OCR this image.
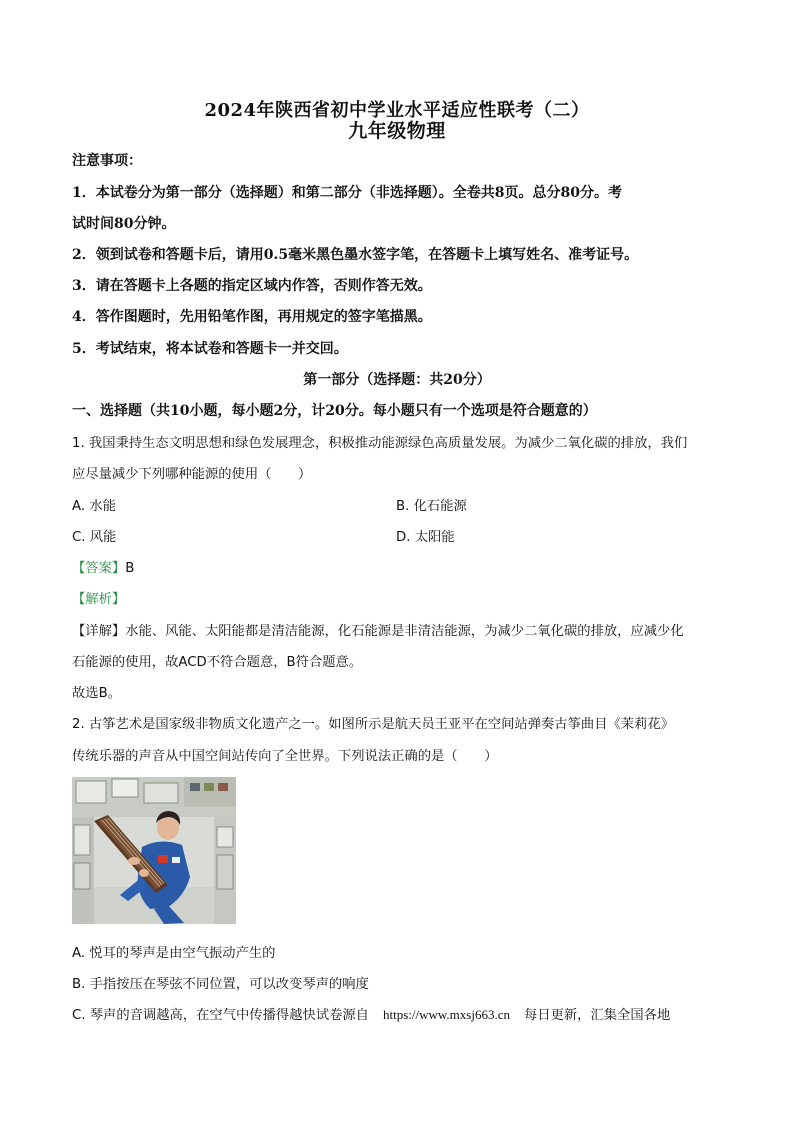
2024年陕西省初中学业水平适应性联考（二）
九年级物理
注意事项：
1．本试卷分为第一部分（选择题）和第二部分（非选择题）。全卷共8页。总分80分。考
试时间80分钟。
2．领到试卷和答题卡后，请用0.5毫米黑色墨水签字笔，在答题卡上填写姓名、准考证号。
3．请在答题卡上各题的指定区域内作答，否则作答无效。
4．答作图题时，先用铅笔作图，再用规定的签字笔描黑。
5．考试结束，将本试卷和答题卡一并交回。
第一部分（选择题：共20分）
一、选择题（共10小题，每小题2分，计20分。每小题只有一个选项是符合题意的）
1. 我国秉持生态文明思想和绿色发展理念，积极推动能源绿色高质量发展。为减少二氧化碳的排放，我们
应尽量减少下列哪种能源的使用（　　）
A. 水能	B. 化石能源
C. 风能	D. 太阳能
【答案】B
【解析】
【详解】水能、风能、太阳能都是清洁能源，化石能源是非清洁能源，为减少二氧化碳的排放，应减少化
石能源的使用，故ACD不符合题意，B符合题意。
故选B。
2. 古筝艺术是国家级非物质文化遗产之一。如图所示是航天员王亚平在空间站弹奏古筝曲目《茉莉花》
传统乐器的声音从中国空间站传向了全世界。下列说法正确的是（　　）
A. 悦耳的琴声是由空气振动产生的
B. 手指按压在琴弦不同位置，可以改变琴声的响度
C. 琴声的音调越高，在空气中传播得越快试卷源自 https://www.mxsj663.cn 每日更新，汇集全国各地
